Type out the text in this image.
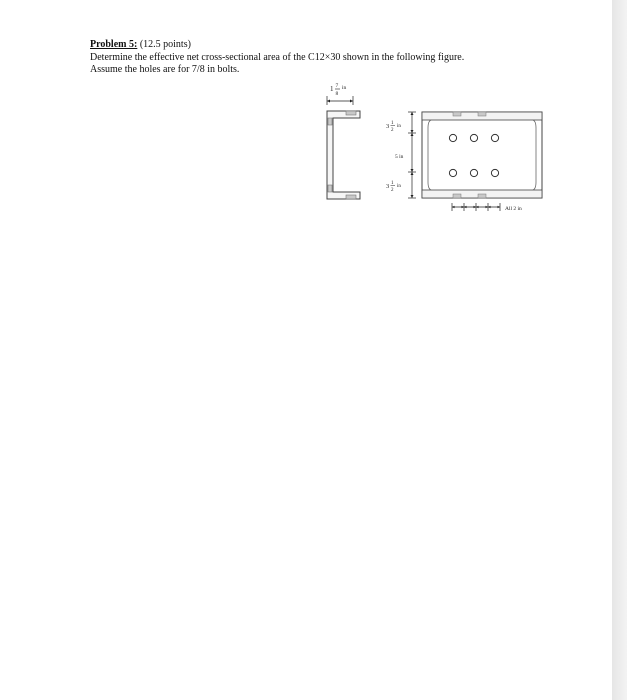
Problem 5: (12.5 points)
Determine the effective net cross-sectional area of the C12×30 shown in the following figure.
Assume the holes are for 7/8 in bolts.
1 7
8
in
3 1
2
in
5 in
3 1
2
in
All 2 in
